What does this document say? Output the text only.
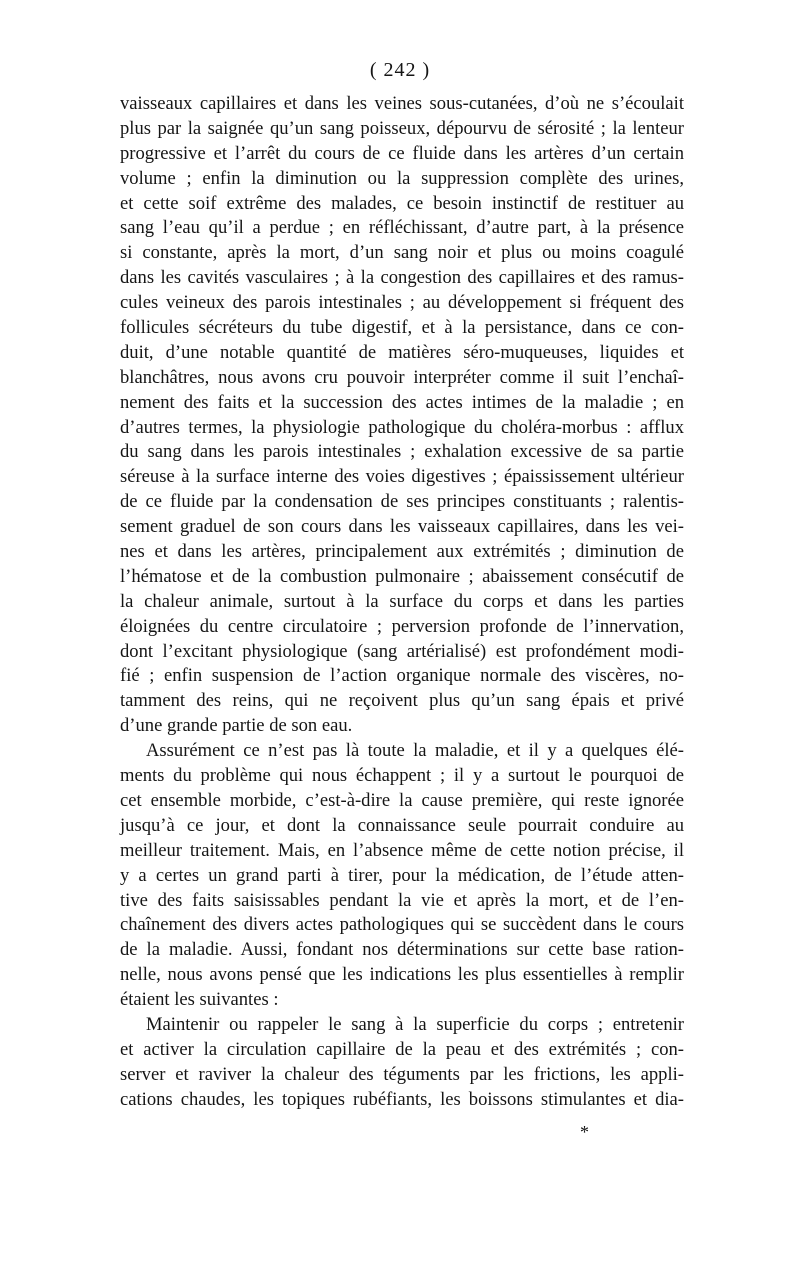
( 242 )
vaisseaux capillaires et dans les veines sous-cutanées, d’où ne s’écoulait
plus par la saignée qu’un sang poisseux, dépourvu de sérosité ; la lenteur
progressive et l’arrêt du cours de ce fluide dans les artères d’un certain
volume ; enfin la diminution ou la suppression complète des urines,
et cette soif extrême des malades, ce besoin instinctif de restituer au
sang l’eau qu’il a perdue ; en réfléchissant, d’autre part, à la présence
si constante, après la mort, d’un sang noir et plus ou moins coagulé
dans les cavités vasculaires ; à la congestion des capillaires et des ramus-
cules veineux des parois intestinales ; au développement si fréquent des
follicules sécréteurs du tube digestif, et à la persistance, dans ce con-
duit, d’une notable quantité de matières séro-muqueuses, liquides et
blanchâtres, nous avons cru pouvoir interpréter comme il suit l’enchaî-
nement des faits et la succession des actes intimes de la maladie ; en
d’autres termes, la physiologie pathologique du choléra-morbus : afflux
du sang dans les parois intestinales ; exhalation excessive de sa partie
séreuse à la surface interne des voies digestives ; épaississement ultérieur
de ce fluide par la condensation de ses principes constituants ; ralentis-
sement graduel de son cours dans les vaisseaux capillaires, dans les vei-
nes et dans les artères, principalement aux extrémités ; diminution de
l’hématose et de la combustion pulmonaire ; abaissement consécutif de
la chaleur animale, surtout à la surface du corps et dans les parties
éloignées du centre circulatoire ; perversion profonde de l’innervation,
dont l’excitant physiologique (sang artérialisé) est profondément modi-
fié ; enfin suspension de l’action organique normale des viscères, no-
tamment des reins, qui ne reçoivent plus qu’un sang épais et privé
d’une grande partie de son eau.
Assurément ce n’est pas là toute la maladie, et il y a quelques élé-
ments du problème qui nous échappent ; il y a surtout le pourquoi de
cet ensemble morbide, c’est-à-dire la cause première, qui reste ignorée
jusqu’à ce jour, et dont la connaissance seule pourrait conduire au
meilleur traitement. Mais, en l’absence même de cette notion précise, il
y a certes un grand parti à tirer, pour la médication, de l’étude atten-
tive des faits saisissables pendant la vie et après la mort, et de l’en-
chaînement des divers actes pathologiques qui se succèdent dans le cours
de la maladie. Aussi, fondant nos déterminations sur cette base ration-
nelle, nous avons pensé que les indications les plus essentielles à remplir
étaient les suivantes :
Maintenir ou rappeler le sang à la superficie du corps ; entretenir
et activer la circulation capillaire de la peau et des extrémités ; con-
server et raviver la chaleur des téguments par les frictions, les appli-
cations chaudes, les topiques rubéfiants, les boissons stimulantes et dia-
*
